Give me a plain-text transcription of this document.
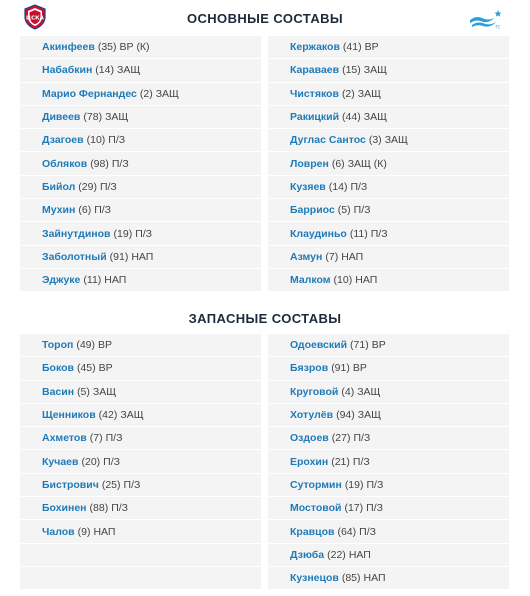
ЦСКА	ОСНОВНЫЕ СОСТАВЫ
FC
Акинфеев (35) ВР (К)
Набабкин (14) ЗАЩ
Марио Фернандес (2) ЗАЩ
Дивеев (78) ЗАЩ
Дзагоев (10) П/З
Обляков (98) П/З
Бийол (29) П/З
Мухин (6) П/З
Зайнутдинов (19) П/З
Заболотный (91) НАП
Эджуке (11) НАП
Кержаков (41) ВР
Караваев (15) ЗАЩ
Чистяков (2) ЗАЩ
Ракицкий (44) ЗАЩ
Дуглас Сантос (3) ЗАЩ
Ловрен (6) ЗАЩ (К)
Кузяев (14) П/З
Барриос (5) П/З
Клаудиньо (11) П/З
Азмун (7) НАП
Малком (10) НАП
ЗАПАСНЫЕ СОСТАВЫ
Тороп (49) ВР
Боков (45) ВР
Васин (5) ЗАЩ
Щенников (42) ЗАЩ
Ахметов (7) П/З
Кучаев (20) П/З
Бистрович (25) П/З
Бохинен (88) П/З
Чалов (9) НАП
Одоевский (71) ВР
Бязров (91) ВР
Круговой (4) ЗАЩ
Хотулёв (94) ЗАЩ
Оздоев (27) П/З
Ерохин (21) П/З
Сутормин (19) П/З
Мостовой (17) П/З
Кравцов (64) П/З
Дзюба (22) НАП
Кузнецов (85) НАП
